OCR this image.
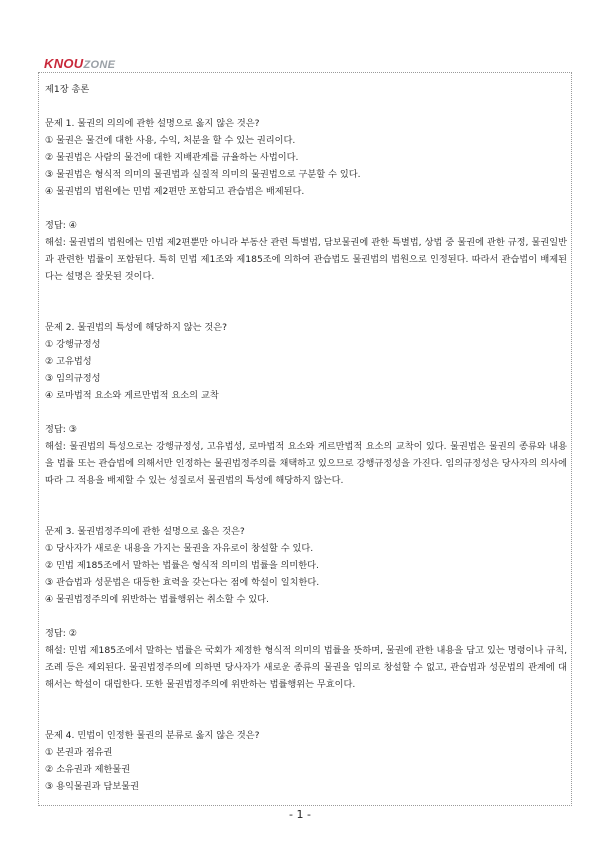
KNOUZONE

제1장 총론

문제 1. 물권의 의의에 관한 설명으로 옳지 않은 것은?

① 물권은 물건에 대한 사용, 수익, 처분을 할 수 있는 권리이다.

② 물권법은 사람의 물건에 대한 지배관계를 규율하는 사법이다.

③ 물권법은 형식적 의미의 물권법과 실질적 의미의 물권법으로 구분할 수 있다.

④ 물권법의 법원에는 민법 제2편만 포함되고 관습법은 배제된다.

정답: ④

해설: 물권법의 법원에는 민법 제2편뿐만 아니라 부동산 관련 특별법, 담보물권에 관한 특별법, 상법 중 물권에 관한 규정, 물권일반과 관련한 법률이 포함된다. 특히 민법 제1조와 제185조에 의하여 관습법도 물권법의 법원으로 인정된다. 따라서 관습법이 배제된다는 설명은 잘못된 것이다.

문제 2. 물권법의 특성에 해당하지 않는 것은?

① 강행규정성

② 고유법성

③ 임의규정성

④ 로마법적 요소와 게르만법적 요소의 교착

정답: ③

해설: 물권법의 특성으로는 강행규정성, 고유법성, 로마법적 요소와 게르만법적 요소의 교착이 있다. 물권법은 물권의 종류와 내용을 법률 또는 관습법에 의해서만 인정하는 물권법정주의를 채택하고 있으므로 강행규정성을 가진다. 임의규정성은 당사자의 의사에 따라 그 적용을 배제할 수 있는 성질로서 물권법의 특성에 해당하지 않는다.

문제 3. 물권법정주의에 관한 설명으로 옳은 것은?

① 당사자가 새로운 내용을 가지는 물권을 자유로이 창설할 수 있다.

② 민법 제185조에서 말하는 법률은 형식적 의미의 법률을 의미한다.

③ 관습법과 성문법은 대등한 효력을 갖는다는 점에 학설이 일치한다.

④ 물권법정주의에 위반하는 법률행위는 취소할 수 있다.

정답: ②

해설: 민법 제185조에서 말하는 법률은 국회가 제정한 형식적 의미의 법률을 뜻하며, 물권에 관한 내용을 담고 있는 명령이나 규칙, 조례 등은 제외된다. 물권법정주의에 의하면 당사자가 새로운 종류의 물권을 임의로 창설할 수 없고, 관습법과 성문법의 관계에 대해서는 학설이 대립한다. 또한 물권법정주의에 위반하는 법률행위는 무효이다.

문제 4. 민법이 인정한 물권의 분류로 옳지 않은 것은?

① 본권과 점유권

② 소유권과 제한물권

③ 용익물권과 담보물권

- 1 -
